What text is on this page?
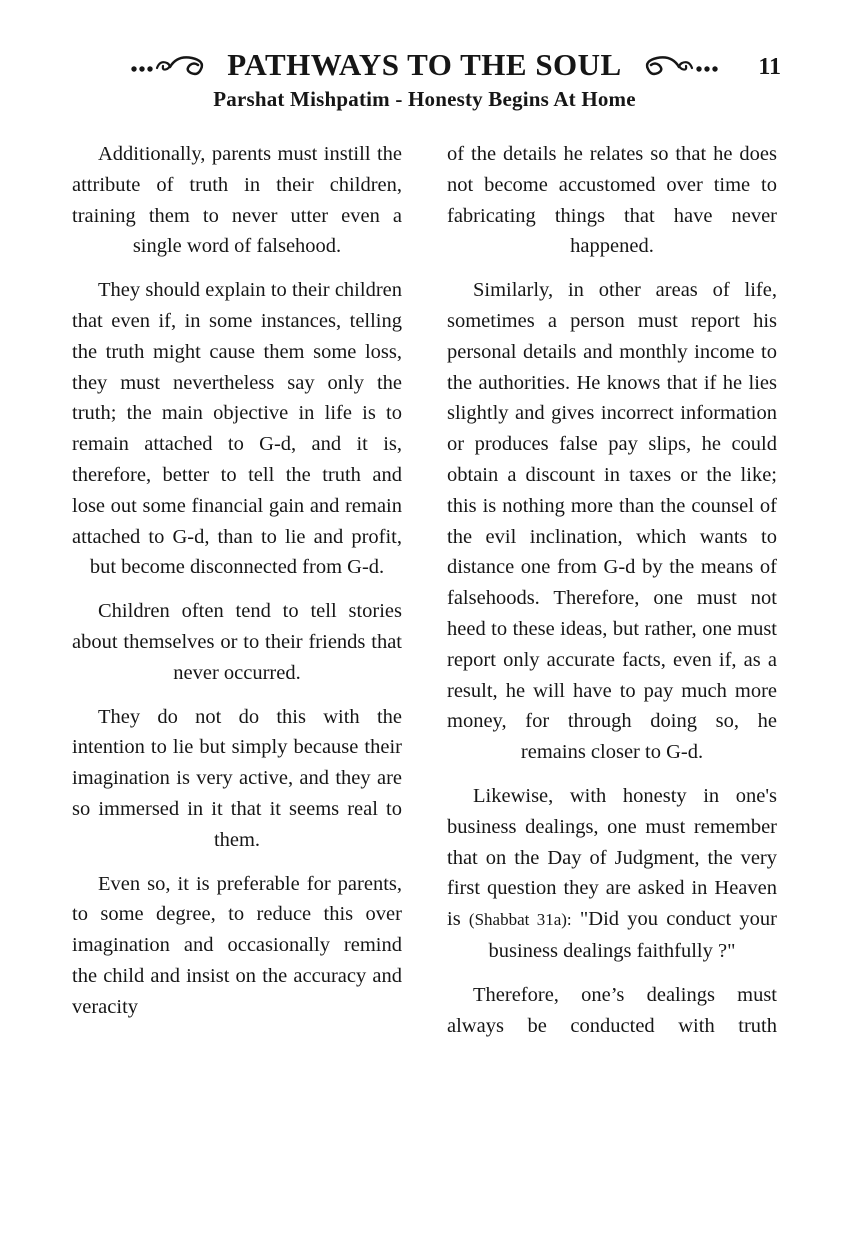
PATHWAYS TO THE SOUL	11
Parshat Mishpatim - Honesty Begins At Home

Additionally, parents must instill the attribute of truth in their children, training them to never utter even a single word of falsehood.

They should explain to their children that even if, in some instances, telling the truth might cause them some loss, they must nevertheless say only the truth; the main objective in life is to remain attached to G-d, and it is, therefore, better to tell the truth and lose out some financial gain and remain attached to G-d, than to lie and profit, but become disconnected from G-d.

Children often tend to tell stories about themselves or to their friends that never occurred.

They do not do this with the intention to lie but simply because their imagination is very active, and they are so immersed in it that it seems real to them.

Even so, it is preferable for parents, to some degree, to reduce this over imagination and occasionally remind the child and insist on the accuracy and veracity

of the details he relates so that he does not become accustomed over time to fabricating things that have never happened.

Similarly, in other areas of life, sometimes a person must report his personal details and monthly income to the authorities. He knows that if he lies slightly and gives incorrect information or produces false pay slips, he could obtain a discount in taxes or the like; this is nothing more than the counsel of the evil inclination, which wants to distance one from G-d by the means of falsehoods. Therefore, one must not heed to these ideas, but rather, one must report only accurate facts, even if, as a result, he will have to pay much more money, for through doing so, he remains closer to G-d.

Likewise, with honesty in one's business dealings, one must remember that on the Day of Judgment, the very first question they are asked in Heaven is (Shabbat 31a): "Did you conduct your business dealings faithfully ?"

Therefore, one’s dealings must always be conducted with truth
